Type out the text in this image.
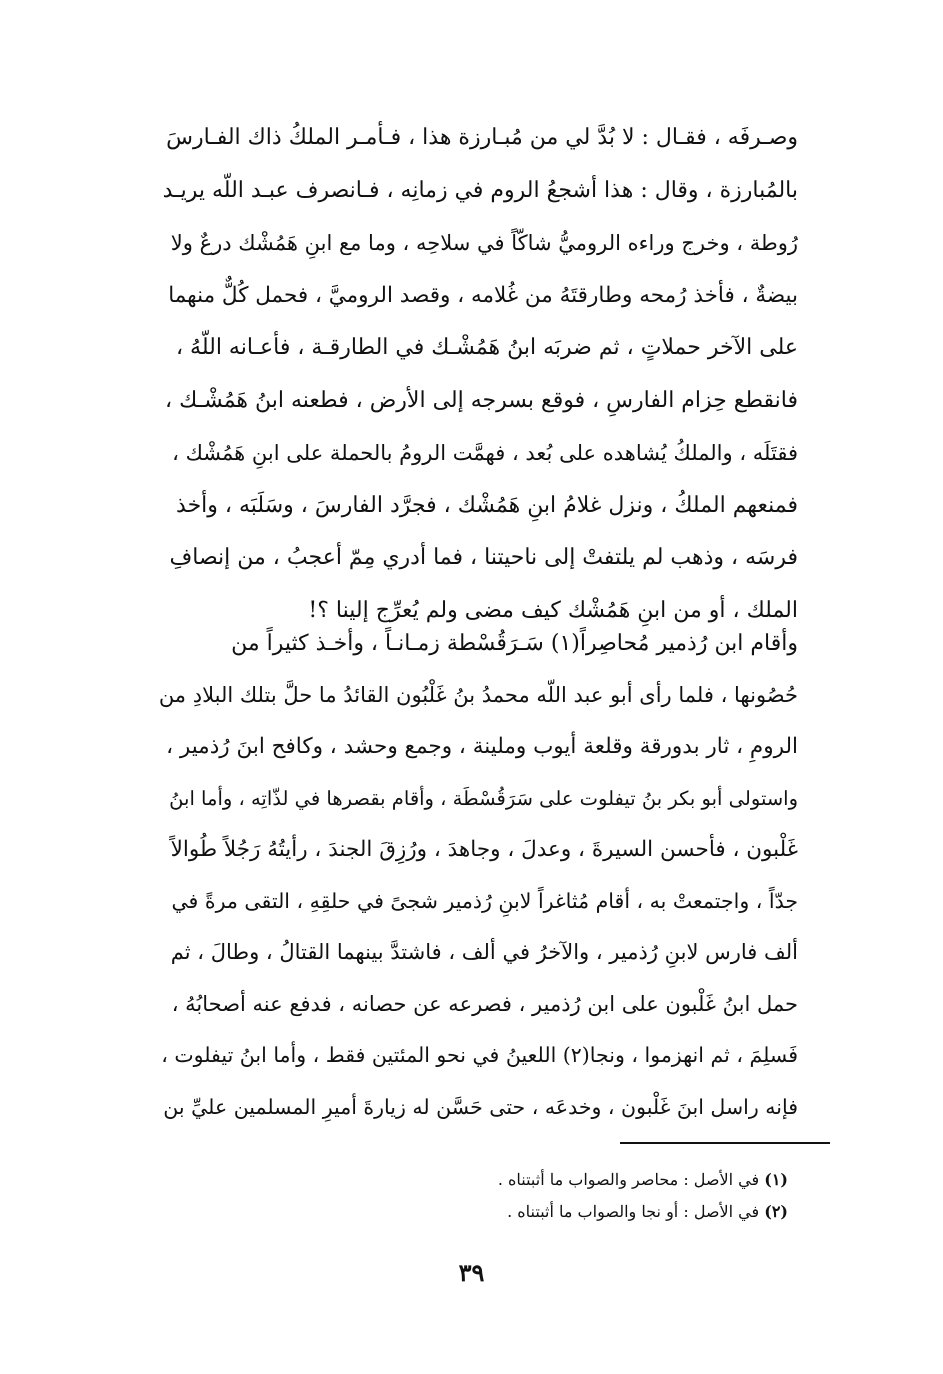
وصـرفَه ، فقـال : لا بُدَّ لي من مُبـارزة هذا ، فـأمـر الملكُ ذاك الفـارسَ
بالمُبارزة ، وقال : هذا أشجعُ الروم في زمانِه ، فـانصرف عبـد اللّه يريـد
رُوطة ، وخرج وراءه الروميُّ شاكّاً في سلاحِه ، وما مع ابنِ هَمُشْك درعٌ ولا
بيضةٌ ، فأخذ رُمحه وطارقتَهُ من غُلامه ، وقصد الروميَّ ، فحمل كُلٌّ منهما
على الآخر حملاتٍ ، ثم ضربَه ابنُ هَمُشْـك في الطارقـة ، فأعـانه اللّهُ ،
فانقطع حِزام الفارسِ ، فوقع بسرجه إلى الأرض ، فطعنه ابنُ هَمُشْـك ،
فقتَلَه ، والملكُ يُشاهده على بُعد ، فهمَّت الرومُ بالحملة على ابنِ هَمُشْك ،
فمنعهم الملكُ ، ونزل غلامُ ابنِ هَمُشْك ، فجرَّد الفارسَ ، وسَلَبَه ، وأخذ
فرسَه ، وذهب لم يلتفتْ إلى ناحيتنا ، فما أدري مِمّ أعجبُ ، من إنصافِ
الملك ، أو من ابنِ هَمُشْك كيف مضى ولم يُعرِّج إلينا ؟!
وأقام ابن رُذمير مُحاصِراً(١) سَـرَقُسْطة زمـانـاً ، وأخـذ كثيراً من
حُصُونها ، فلما رأى أبو عبد اللّه محمدُ بنُ غَلْبُون القائدُ ما حلَّ بتلك البلادِ من
الرومِ ، ثار بدورقة وقلعة أيوب وملينة ، وجمع وحشد ، وكافح ابنَ رُذمير ،
واستولى أبو بكر بنُ تيفلوت على سَرَقُسْطَة ، وأقام بقصرها في لذّاتِه ، وأما ابنُ
غَلْبون ، فأحسن السيرةَ ، وعدلَ ، وجاهدَ ، ورُزِقَ الجندَ ، رأيتُهُ رَجُلاً طُوالاً
جدّاً ، واجتمعتْ به ، أقام مُثاغراً لابنِ رُذمير شجىً في حلقِهِ ، التقى مرةً في
ألف فارس لابنِ رُذمير ، والآخرُ في ألف ، فاشتدَّ بينهما القتالُ ، وطالَ ، ثم
حمل ابنُ غَلْبون على ابن رُذمير ، فصرعه عن حصانه ، فدفع عنه أصحابُهُ ،
فَسلِمَ ، ثم انهزموا ، ونجا(٢) اللعينُ في نحو المئتين فقط ، وأما ابنُ تيفلوت ،
فإنه راسل ابنَ غَلْبون ، وخدعَه ، حتى حَسَّن له زيارةَ أميرِ المسلمين عليِّ بن
(١) في الأصل : محاصر والصواب ما أثبتناه .
(٢) في الأصل : أو نجا والصواب ما أثبتناه .
٣٩
